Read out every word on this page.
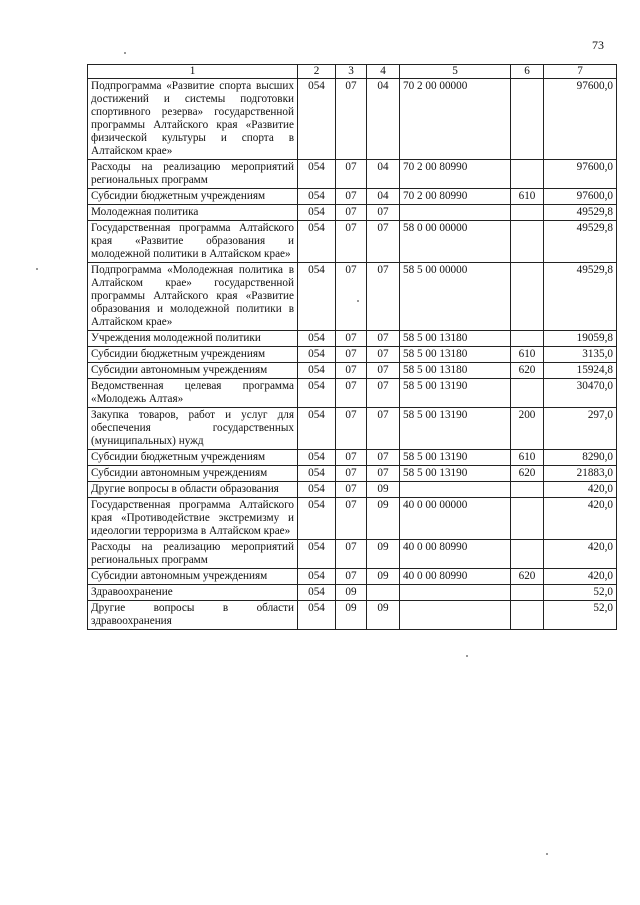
73
1	2	3	4	5	6	7
Подпрограмма «Развитие спорта высших достижений и системы подготовки спортивного резерва» государственной программы Алтайского края «Развитие физической культуры и спорта в Алтайском крае»	054	07	04	70 2 00 00000		97600,0
Расходы на реализацию мероприятий региональных программ	054	07	04	70 2 00 80990		97600,0
Субсидии бюджетным учреждениям	054	07	04	70 2 00 80990	610	97600,0
Молодежная политика	054	07	07			49529,8
Государственная программа Алтайского края «Развитие образования и молодежной политики в Алтайском крае»	054	07	07	58 0 00 00000		49529,8
Подпрограмма «Молодежная политика в Алтайском крае» государственной программы Алтайского края «Развитие образования и молодежной политики в Алтайском крае»	054	07	07	58 5 00 00000		49529,8
Учреждения молодежной политики	054	07	07	58 5 00 13180		19059,8
Субсидии бюджетным учреждениям	054	07	07	58 5 00 13180	610	3135,0
Субсидии автономным учреждениям	054	07	07	58 5 00 13180	620	15924,8
Ведомственная целевая программа «Молодежь Алтая»	054	07	07	58 5 00 13190		30470,0
Закупка товаров, работ и услуг для обеспечения государственных (муниципальных) нужд	054	07	07	58 5 00 13190	200	297,0
Субсидии бюджетным учреждениям	054	07	07	58 5 00 13190	610	8290,0
Субсидии автономным учреждениям	054	07	07	58 5 00 13190	620	21883,0
Другие вопросы в области образования	054	07	09			420,0
Государственная программа Алтайского края «Противодействие экстремизму и идеологии терроризма в Алтайском крае»	054	07	09	40 0 00 00000		420,0
Расходы на реализацию мероприятий региональных программ	054	07	09	40 0 00 80990		420,0
Субсидии автономным учреждениям	054	07	09	40 0 00 80990	620	420,0
Здравоохранение	054	09				52,0
Другие вопросы в области здравоохранения	054	09	09			52,0
